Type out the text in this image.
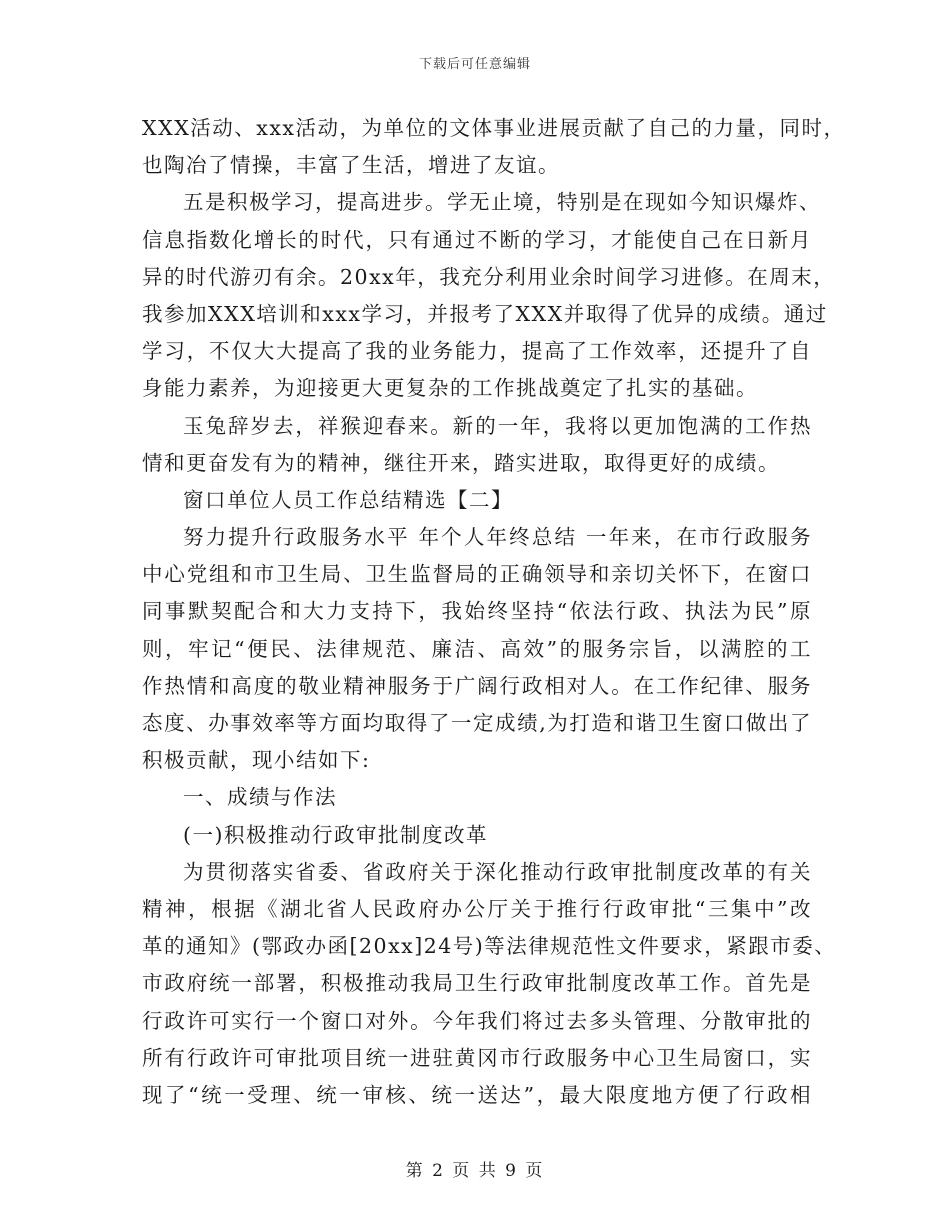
下载后可任意编辑
XXX活动、xxx活动，为单位的文体事业进展贡献了自己的力量，同时，
也陶冶了情操，丰富了生活，增进了友谊。
五是积极学习，提高进步。学无止境，特别是在现如今知识爆炸、
信息指数化增长的时代，只有通过不断的学习，才能使自己在日新月
异的时代游刃有余。20xx年，我充分利用业余时间学习进修。在周末，
我参加XXX培训和xxx学习，并报考了XXX并取得了优异的成绩。通过
学习，不仅大大提高了我的业务能力，提高了工作效率，还提升了自
身能力素养，为迎接更大更复杂的工作挑战奠定了扎实的基础。
玉兔辞岁去，祥猴迎春来。新的一年，我将以更加饱满的工作热
情和更奋发有为的精神，继往开来，踏实进取，取得更好的成绩。
窗口单位人员工作总结精选【二】
努力提升行政服务水平 年个人年终总结 一年来，在市行政服务
中心党组和市卫生局、卫生监督局的正确领导和亲切关怀下，在窗口
同事默契配合和大力支持下，我始终坚持“依法行政、执法为民”原
则，牢记“便民、法律规范、廉洁、高效”的服务宗旨，以满腔的工
作热情和高度的敬业精神服务于广阔行政相对人。在工作纪律、服务
态度、办事效率等方面均取得了一定成绩,为打造和谐卫生窗口做出了
积极贡献，现小结如下:
一、成绩与作法
(一)积极推动行政审批制度改革
为贯彻落实省委、省政府关于深化推动行政审批制度改革的有关
精神，根据《湖北省人民政府办公厅关于推行行政审批“三集中”改
革的通知》(鄂政办函[20xx]24号)等法律规范性文件要求，紧跟市委、
市政府统一部署，积极推动我局卫生行政审批制度改革工作。首先是
行政许可实行一个窗口对外。今年我们将过去多头管理、分散审批的
所有行政许可审批项目统一进驻黄冈市行政服务中心卫生局窗口，实
现了“统一受理、统一审核、统一送达”，最大限度地方便了行政相
第 2 页 共 9 页
